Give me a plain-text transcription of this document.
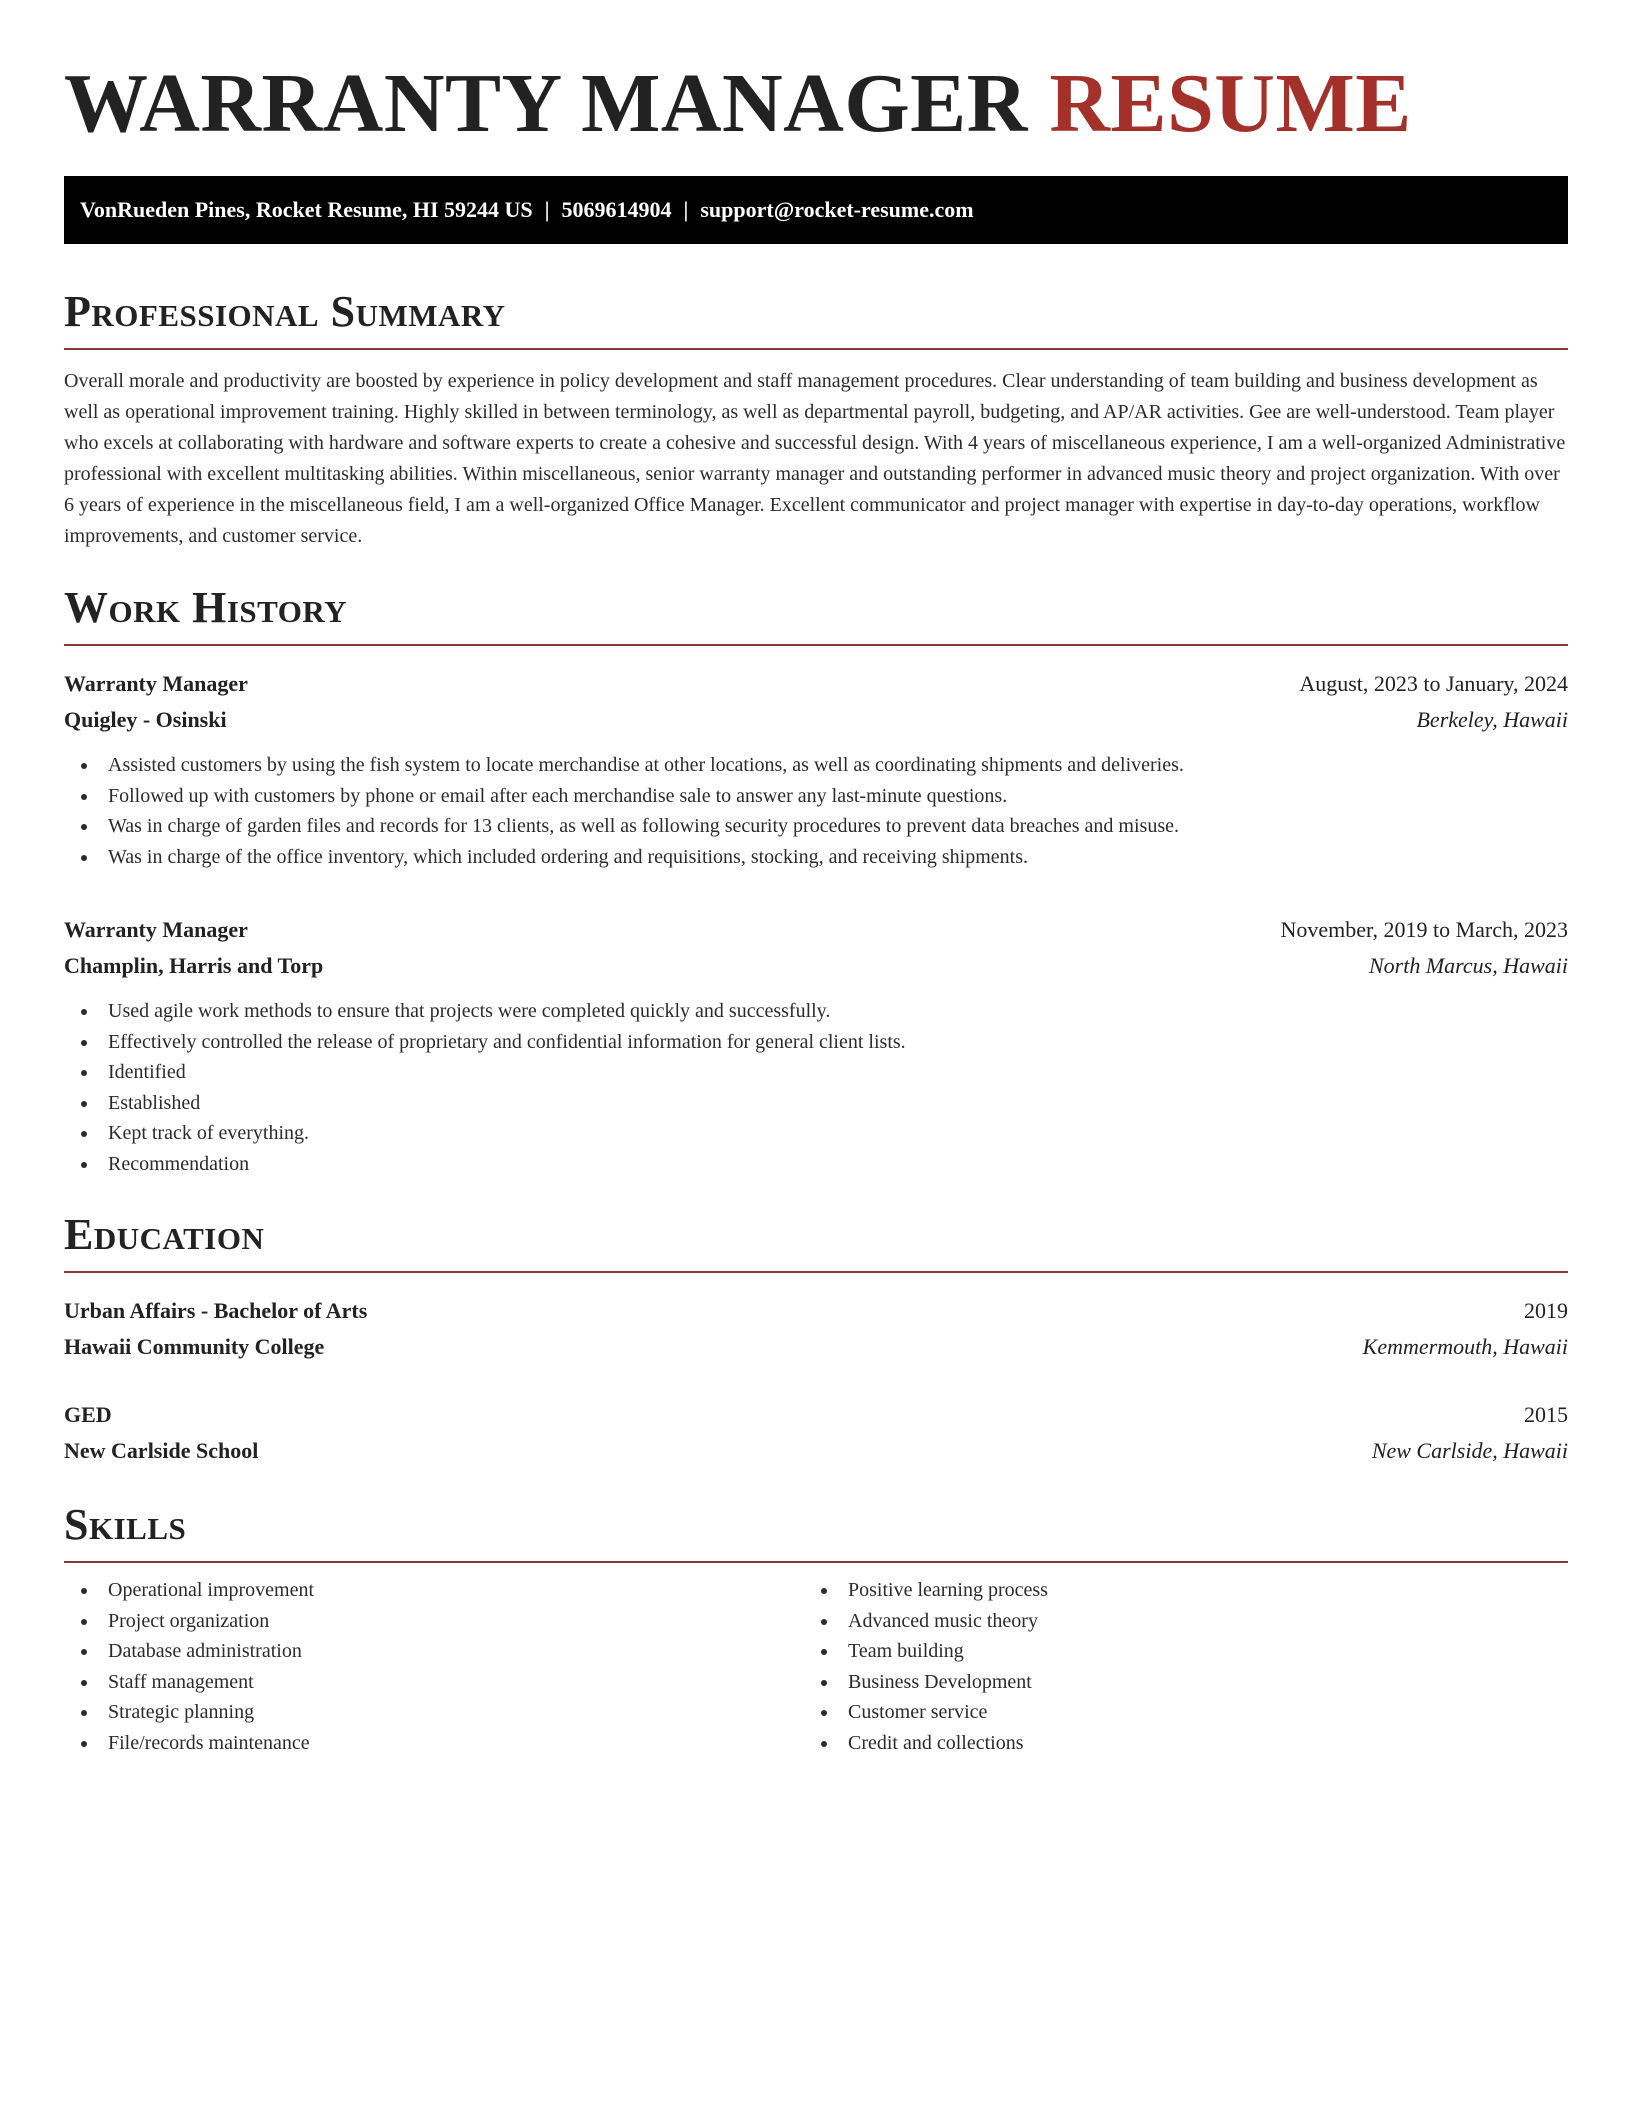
WARRANTY MANAGER RESUME
VonRueden Pines, Rocket Resume, HI 59244 US | 5069614904 | support@rocket-resume.com
Professional Summary

Overall morale and productivity are boosted by experience in policy development and staff management procedures. Clear understanding of team building and business development as well as operational improvement training. Highly skilled in between terminology, as well as departmental payroll, budgeting, and AP/AR activities. Gee are well-understood. Team player who excels at collaborating with hardware and software experts to create a cohesive and successful design. With 4 years of miscellaneous experience, I am a well-organized Administrative professional with excellent multitasking abilities. Within miscellaneous, senior warranty manager and outstanding performer in advanced music theory and project organization. With over 6 years of experience in the miscellaneous field, I am a well-organized Office Manager. Excellent communicator and project manager with expertise in day-to-day operations, workflow improvements, and customer service.

Work History
Warranty Manager	August, 2023 to January, 2024
Quigley - Osinski	Berkeley, Hawaii
Assisted customers by using the fish system to locate merchandise at other locations, as well as coordinating shipments and deliveries.
Followed up with customers by phone or email after each merchandise sale to answer any last-minute questions.
Was in charge of garden files and records for 13 clients, as well as following security procedures to prevent data breaches and misuse.
Was in charge of the office inventory, which included ordering and requisitions, stocking, and receiving shipments.
Warranty Manager	November, 2019 to March, 2023
Champlin, Harris and Torp	North Marcus, Hawaii
Used agile work methods to ensure that projects were completed quickly and successfully.
Effectively controlled the release of proprietary and confidential information for general client lists.
Identified
Established
Kept track of everything.
Recommendation
Education
Urban Affairs - Bachelor of Arts	2019
Hawaii Community College	Kemmermouth, Hawaii
GED	2015
New Carlside School	New Carlside, Hawaii
Skills
Operational improvement
Project organization
Database administration
Staff management
Strategic planning
File/records maintenance
Positive learning process
Advanced music theory
Team building
Business Development
Customer service
Credit and collections
